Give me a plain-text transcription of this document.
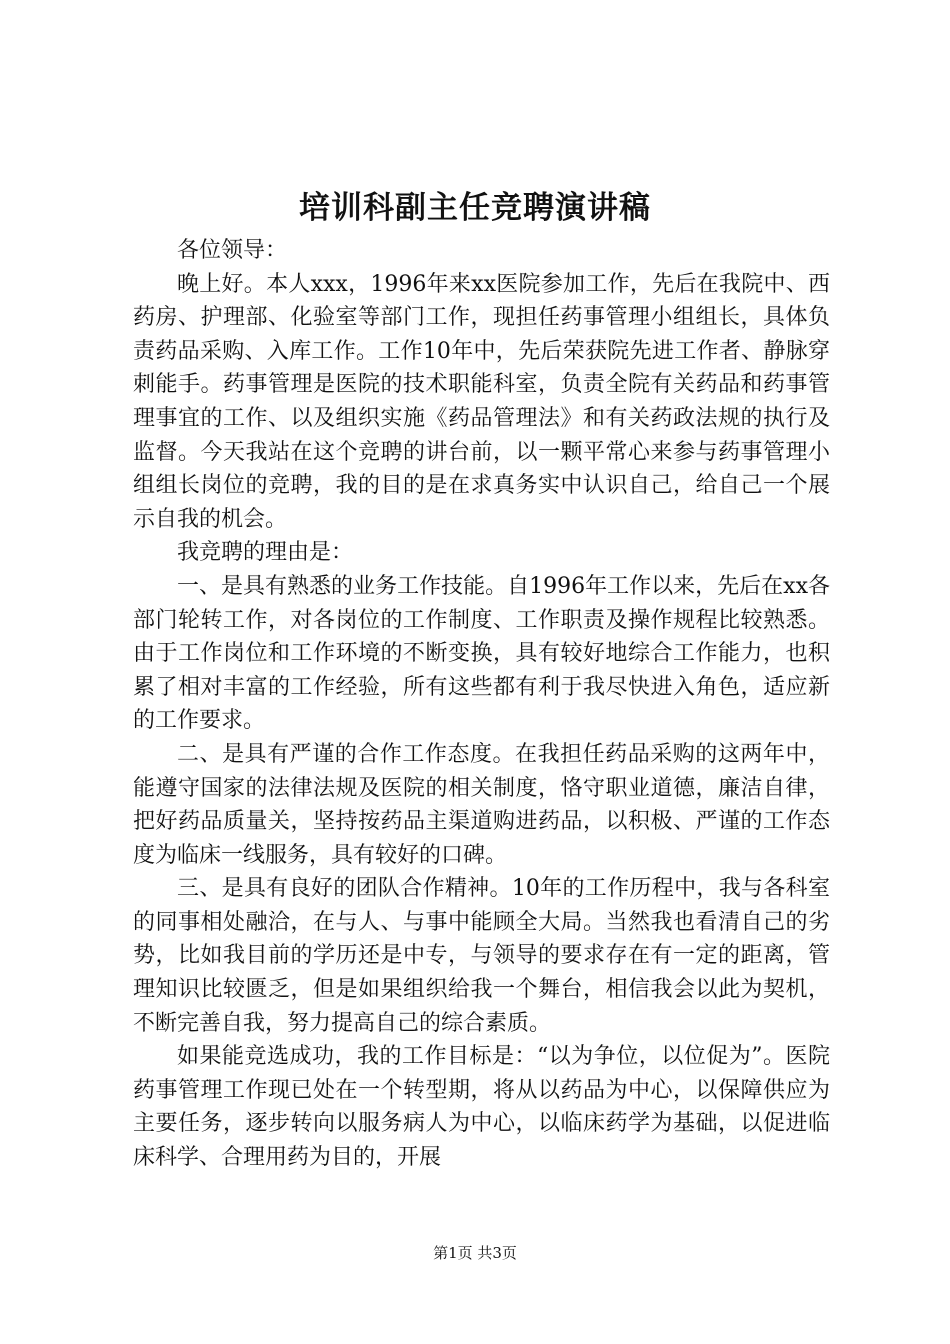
培训科副主任竞聘演讲稿

各位领导：

晚上好。本人xxx，1996年来xx医院参加工作，先后在我院中、西药房、护理部、化验室等部门工作，现担任药事管理小组组长，具体负责药品采购、入库工作。工作10年中，先后荣获院先进工作者、静脉穿刺能手。药事管理是医院的技术职能科室，负责全院有关药品和药事管理事宜的工作、以及组织实施《药品管理法》和有关药政法规的执行及监督。今天我站在这个竞聘的讲台前，以一颗平常心来参与药事管理小组组长岗位的竞聘，我的目的是在求真务实中认识自己，给自己一个展示自我的机会。

我竞聘的理由是：

一、是具有熟悉的业务工作技能。自1996年工作以来，先后在xx各部门轮转工作，对各岗位的工作制度、工作职责及操作规程比较熟悉。由于工作岗位和工作环境的不断变换，具有较好地综合工作能力，也积累了相对丰富的工作经验，所有这些都有利于我尽快进入角色，适应新的工作要求。

二、是具有严谨的合作工作态度。在我担任药品采购的这两年中，能遵守国家的法律法规及医院的相关制度，恪守职业道德，廉洁自律，把好药品质量关，坚持按药品主渠道购进药品，以积极、严谨的工作态度为临床一线服务，具有较好的口碑。

三、是具有良好的团队合作精神。10年的工作历程中，我与各科室的同事相处融洽，在与人、与事中能顾全大局。当然我也看清自己的劣势，比如我目前的学历还是中专，与领导的要求存在有一定的距离，管理知识比较匮乏，但是如果组织给我一个舞台，相信我会以此为契机，不断完善自我，努力提高自己的综合素质。

如果能竞选成功，我的工作目标是：“以为争位，以位促为”。医院药事管理工作现已处在一个转型期，将从以药品为中心，以保障供应为主要任务，逐步转向以服务病人为中心，以临床药学为基础，以促进临床科学、合理用药为目的，开展

第1页 共3页
